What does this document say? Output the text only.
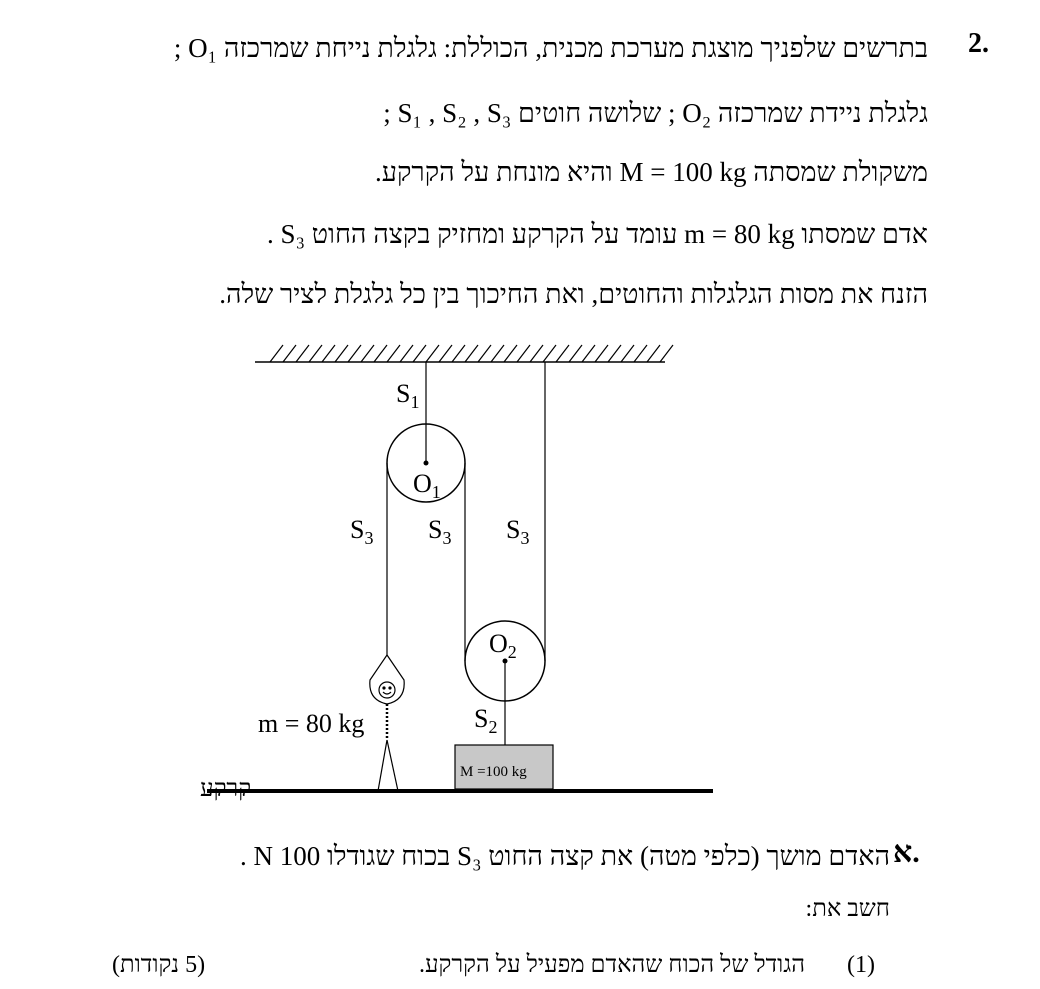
2.
בתרשים שלפניך מוצגת מערכת מכנית, הכוללת: גלגלת נייחת שמרכזה O₁ ;
גלגלת ניידת שמרכזה O₂ ; שלושה חוטים S₁ , S₂ , S₃ ;
משקולת שמסתה M = 100 kg והיא מונחת על הקרקע.
אדם שמסתו m = 80 kg עומד על הקרקע ומחזיק בקצה החוט S₃ .
הזנח את מסות הגלגלות והחוטים, ואת החיכוך בין כל גלגלת לציר שלה.
$S_1$
$O_1$
$S_3$ $S_3$ $S_3$
$O_2$
$S_2$
m = 80 kg
M =100 kg
קרקע
א.
האדם מושך (כלפי מטה) את קצה החוט S₃ בכוח שגודלו 100 N .
חשב את:
(1)
הגודל של הכוח שהאדם מפעיל על הקרקע.
(5 נקודות)
